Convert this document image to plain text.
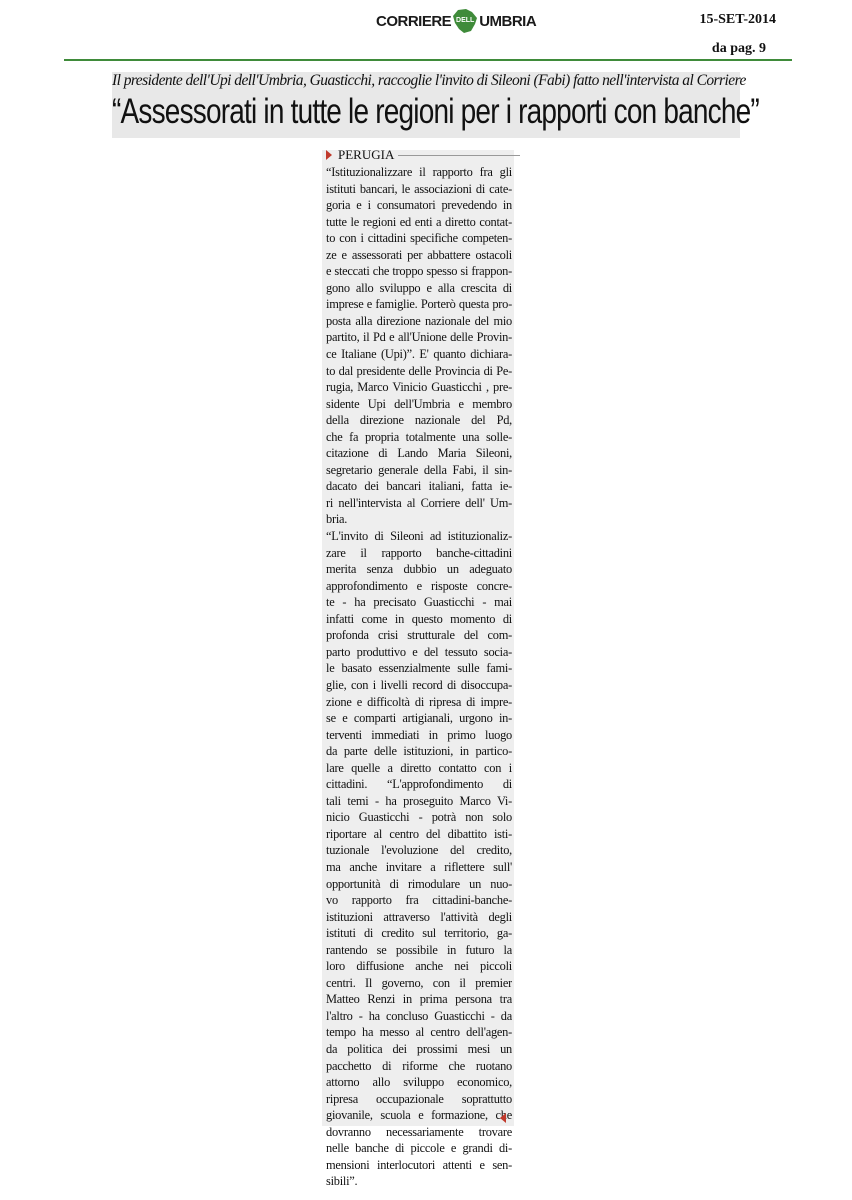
CORRIERE DELL UMBRIA	15-SET-2014
da pag. 9
Il presidente dell'Upi dell'Umbria, Guasticchi, raccoglie l'invito di Sileoni (Fabi) fatto nell'intervista al Corriere
“Assessorati in tutte le regioni per i rapporti con banche”
PERUGIA
“Istituzionalizzare il rapporto fra gli
istituti bancari, le associazioni di cate-
goria e i consumatori prevedendo in
tutte le regioni ed enti a diretto contat-
to con i cittadini specifiche competen-
ze e assessorati per abbattere ostacoli
e steccati che troppo spesso si frappon-
gono allo sviluppo e alla crescita di
imprese e famiglie. Porterò questa pro-
posta alla direzione nazionale del mio
partito, il Pd e all'Unione delle Provin-
ce Italiane (Upi)”. E' quanto dichiara-
to dal presidente delle Provincia di Pe-
rugia, Marco Vinicio Guasticchi , pre-
sidente Upi dell'Umbria e membro
della direzione nazionale del Pd,
che fa propria totalmente una solle-
citazione di Lando Maria Sileoni,
segretario generale della Fabi, il sin-
dacato dei bancari italiani, fatta ie-
ri nell'intervista al Corriere dell' Um-
bria.
“L'invito di Sileoni ad istituzionaliz-
zare il rapporto banche-cittadini
merita senza dubbio un adeguato
approfondimento e risposte concre-
te - ha precisato Guasticchi - mai
infatti come in questo momento di
profonda crisi strutturale del com-
parto produttivo e del tessuto socia-
le basato essenzialmente sulle fami-
glie, con i livelli record di disoccupa-
zione e difficoltà di ripresa di impre-
se e comparti artigianali, urgono in-
terventi immediati in primo luogo
da parte delle istituzioni, in partico-
lare quelle a diretto contatto con i
cittadini. “L'approfondimento di
tali temi - ha proseguito Marco Vi-
nicio Guasticchi - potrà non solo
riportare al centro del dibattito isti-
tuzionale l'evoluzione del credito,
ma anche invitare a riflettere sull'
opportunità di rimodulare un nuo-
vo rapporto fra cittadini-banche-
istituzioni attraverso l'attività degli
istituti di credito sul territorio, ga-
rantendo se possibile in futuro la
loro diffusione anche nei piccoli
centri. Il governo, con il premier
Matteo Renzi in prima persona tra
l'altro - ha concluso Guasticchi - da
tempo ha messo al centro dell'agen-
da politica dei prossimi mesi un
pacchetto di riforme che ruotano
attorno allo sviluppo economico,
ripresa occupazionale soprattutto
giovanile, scuola e formazione, che
dovranno necessariamente trovare
nelle banche di piccole e grandi di-
mensioni interlocutori attenti e sen-
sibili”.
